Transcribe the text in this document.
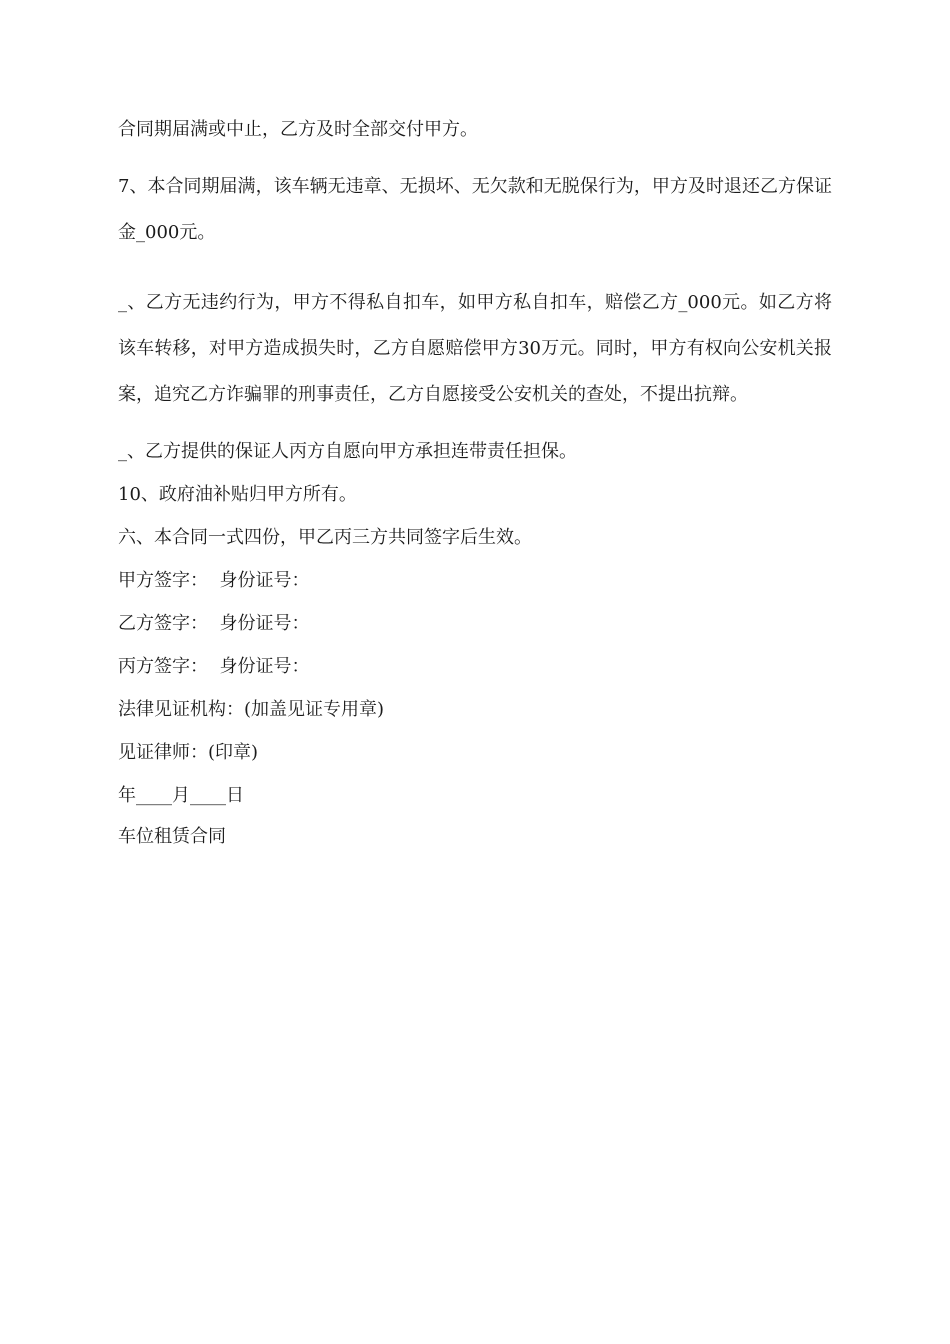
合同期届满或中止，乙方及时全部交付甲方。

7、本合同期届满，该车辆无违章、无损坏、无欠款和无脱保行为，甲方及时退还乙方保证金_000元。

_、乙方无违约行为，甲方不得私自扣车，如甲方私自扣车，赔偿乙方_000元。如乙方将该车转移，对甲方造成损失时，乙方自愿赔偿甲方30万元。同时，甲方有权向公安机关报案，追究乙方诈骗罪的刑事责任，乙方自愿接受公安机关的查处，不提出抗辩。

_、乙方提供的保证人丙方自愿向甲方承担连带责任担保。

10、政府油补贴归甲方所有。

六、本合同一式四份，甲乙丙三方共同签字后生效。

甲方签字：  身份证号：

乙方签字：  身份证号：

丙方签字：  身份证号：

法律见证机构：(加盖见证专用章)

见证律师：(印章)

年____月____日

车位租赁合同
